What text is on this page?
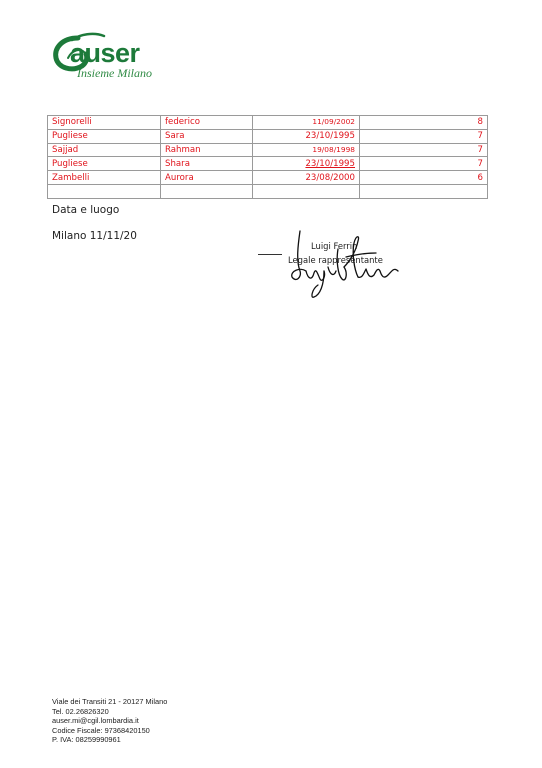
auser
Insieme Milano
Signorelli	federico	11/09/2002	8
Pugliese	Sara	23/10/1995	7
Sajjad	Rahman	19/08/1998	7
Pugliese	Shara	23/10/1995	7
Zambelli	Aurora	23/08/2000	6

Data e luogo
Milano 11/11/20
Luigi Ferrin
Legale rappresentante
Viale dei Transiti 21 - 20127 Milano
Tel. 02.26826320
auser.mi@cgil.lombardia.it
Codice Fiscale: 97368420150
P. IVA: 08259990961
